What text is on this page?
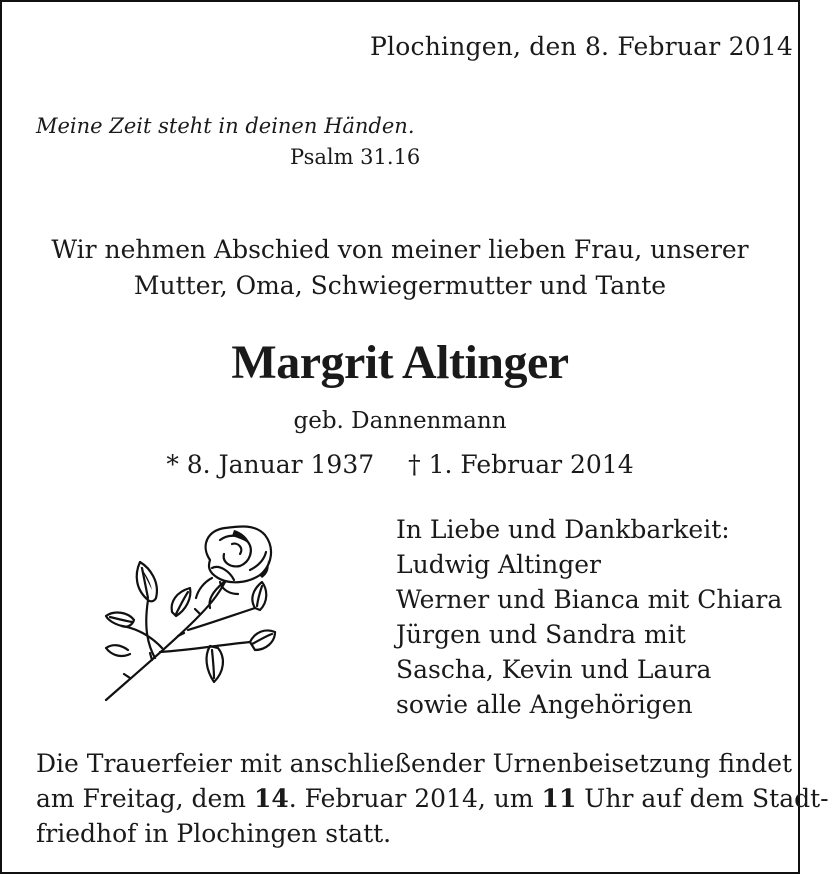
Plochingen, den 8. Februar 2014
Meine Zeit steht in deinen Händen.
Psalm 31.16
Wir nehmen Abschied von meiner lieben Frau, unserer
Mutter, Oma, Schwiegermutter und Tante
Margrit Altinger
geb. Dannenmann
* 8. Januar 1937 † 1. Februar 2014
In Liebe und Dankbarkeit:
Ludwig Altinger
Werner und Bianca mit Chiara
Jürgen und Sandra mit
Sascha, Kevin und Laura
sowie alle Angehörigen
Die Trauerfeier mit anschließender Urnenbeisetzung findet
am Freitag, dem 14. Februar 2014, um 11 Uhr auf dem Stadt-
friedhof in Plochingen statt.
